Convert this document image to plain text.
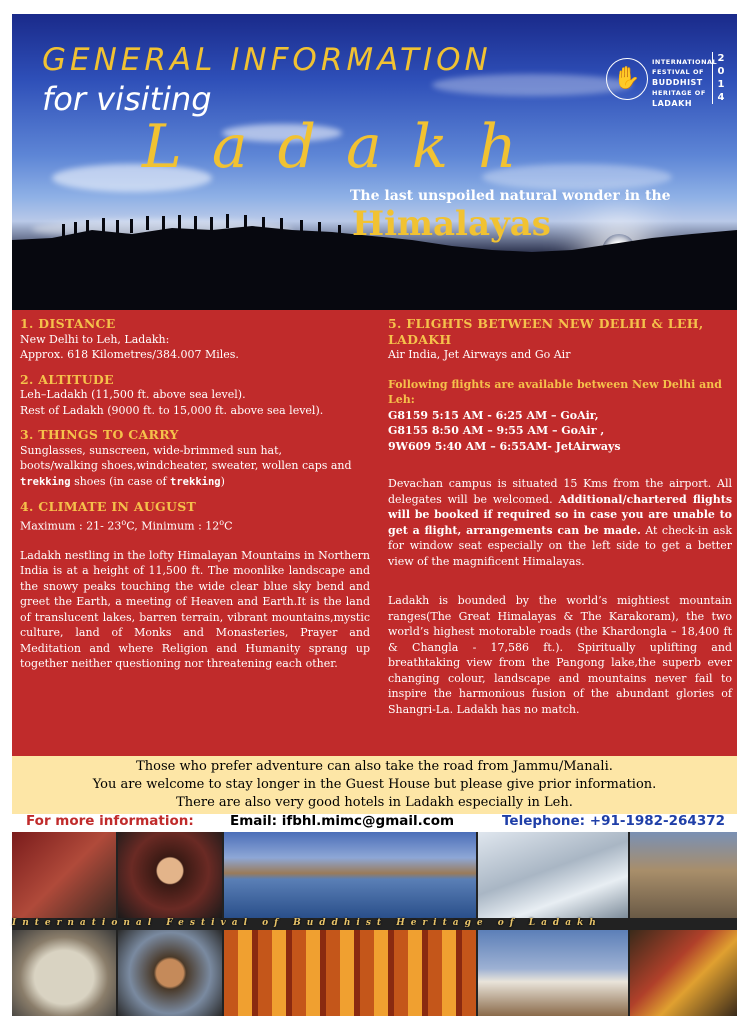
GENERAL INFORMATION
for visiting
Ladakh
The last unspoiled natural wonder in the
Himalayas
✋
INTERNATIONAL
FESTIVAL OF
BUDDHIST
HERITAGE OF
LADAKH
2
0
1
4
1. DISTANCE
New Delhi to Leh, Ladakh:
Approx. 618 Kilometres/384.007 Miles.
2. ALTITUDE
Leh–Ladakh (11,500 ft. above sea level).
Rest of Ladakh (9000 ft. to 15,000 ft. above sea level).
3. THINGS TO CARRY
Sunglasses, sunscreen, wide-brimmed sun hat,
boots/walking shoes,windcheater, sweater, wollen caps and
trekking shoes (in case of trekking)
4. CLIMATE IN AUGUST
Maximum : 21- 23$^o$C, Minimum : 12$^o$C
Ladakh nestling in the lofty Himalayan Mountains in Northern India is at a height of 11,500 ft. The moonlike landscape and the snowy peaks touching the wide clear blue sky bend and greet the Earth, a meeting of Heaven and Earth.It is the land of translucent lakes, barren terrain, vibrant mountains,mystic culture, land of Monks and Monasteries, Prayer and Meditation and where Religion and Humanity sprang up together neither questioning nor threatening each other.
5. FLIGHTS BETWEEN NEW DELHI & LEH, LADAKH
Air India, Jet Airways and Go Air
Following flights are available between New Delhi and Leh:
G8159 5:15 AM - 6:25 AM – GoAir,
G8155 8:50 AM – 9:55 AM – GoAir ,
9W609 5:40 AM – 6:55AM- JetAirways
Devachan campus is situated 15 Kms from the airport. All delegates will be welcomed. Additional/chartered flights will be booked if required so in case you are unable to get a flight, arrangements can be made. At check-in ask for window seat especially on the left side to get a better view of the magnificent Himalayas.
Ladakh is bounded by the world’s mightiest mountain ranges(The Great Himalayas & The Karakoram), the two world’s highest motorable roads (the Khardongla – 18,400 ft & Changla - 17,586 ft.). Spiritually uplifting and breathtaking view from the Pangong lake,the superb ever changing colour, landscape and mountains never fail to inspire the harmonious fusion of the abundant glories of Shangri-La. Ladakh has no match.
Those who prefer adventure can also take the road from Jammu/Manali.
You are welcome to stay longer in the Guest House but please give prior information.
There are also very good hotels in Ladakh especially in Leh.
For more information:	Email: ifbhl.mimc@gmail.com	Telephone: +91-1982-264372
International Festival of Buddhist Heritage of Ladakh
